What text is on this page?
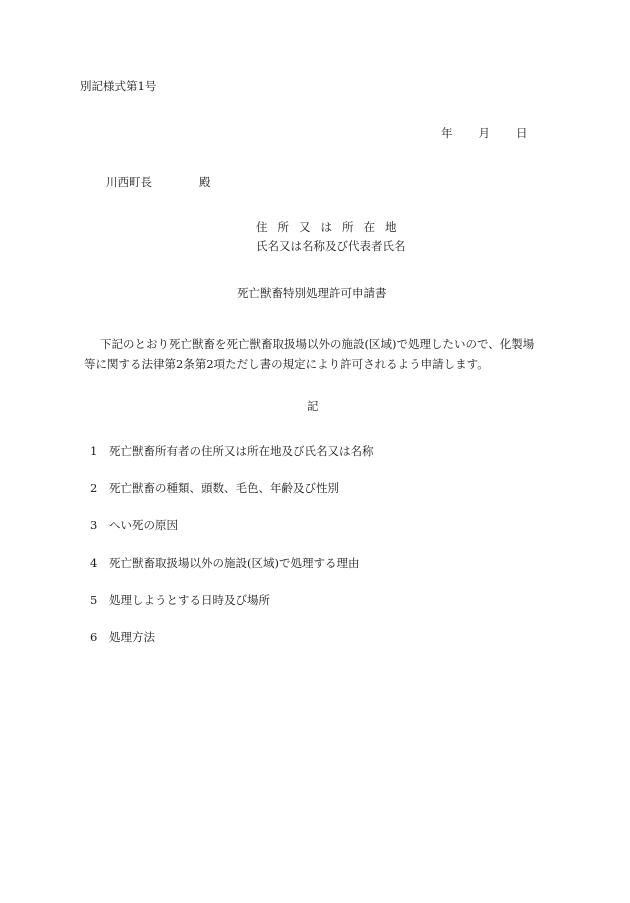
別記様式第1号
年 月 日
川西町長	殿
住所又は所在地
氏名又は名称及び代表者氏名
死亡獣畜特別処理許可申請書
下記のとおり死亡獣畜を死亡獣畜取扱場以外の施設(区域)で処理したいので、化製場
等に関する法律第2条第2項ただし書の規定により許可されるよう申請します。
記
1 死亡獣畜所有者の住所又は所在地及び氏名又は名称
2 死亡獣畜の種類、頭数、毛色、年齢及び性別
3 へい死の原因
4 死亡獣畜取扱場以外の施設(区域)で処理する理由
5 処理しようとする日時及び場所
6 処理方法
